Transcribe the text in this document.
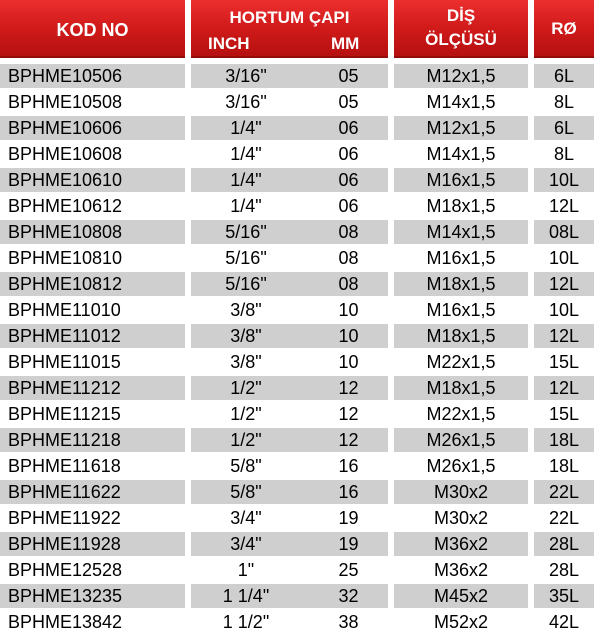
KOD NO
HORTUM ÇAPI
INCH	MM
DİŞ
ÖLÇÜSÜ
RØ
BPHME10506	3/16"	05	M12x1,5	6L
BPHME10508	3/16"	05	M14x1,5	8L
BPHME10606	1/4"	06	M12x1,5	6L
BPHME10608	1/4"	06	M14x1,5	8L
BPHME10610	1/4"	06	M16x1,5	10L
BPHME10612	1/4"	06	M18x1,5	12L
BPHME10808	5/16"	08	M14x1,5	08L
BPHME10810	5/16"	08	M16x1,5	10L
BPHME10812	5/16"	08	M18x1,5	12L
BPHME11010	3/8"	10	M16x1,5	10L
BPHME11012	3/8"	10	M18x1,5	12L
BPHME11015	3/8"	10	M22x1,5	15L
BPHME11212	1/2"	12	M18x1,5	12L
BPHME11215	1/2"	12	M22x1,5	15L
BPHME11218	1/2"	12	M26x1,5	18L
BPHME11618	5/8"	16	M26x1,5	18L
BPHME11622	5/8"	16	M30x2	22L
BPHME11922	3/4"	19	M30x2	22L
BPHME11928	3/4"	19	M36x2	28L
BPHME12528	1"	25	M36x2	28L
BPHME13235	1 1/4"	32	M45x2	35L
BPHME13842	1 1/2"	38	M52x2	42L
